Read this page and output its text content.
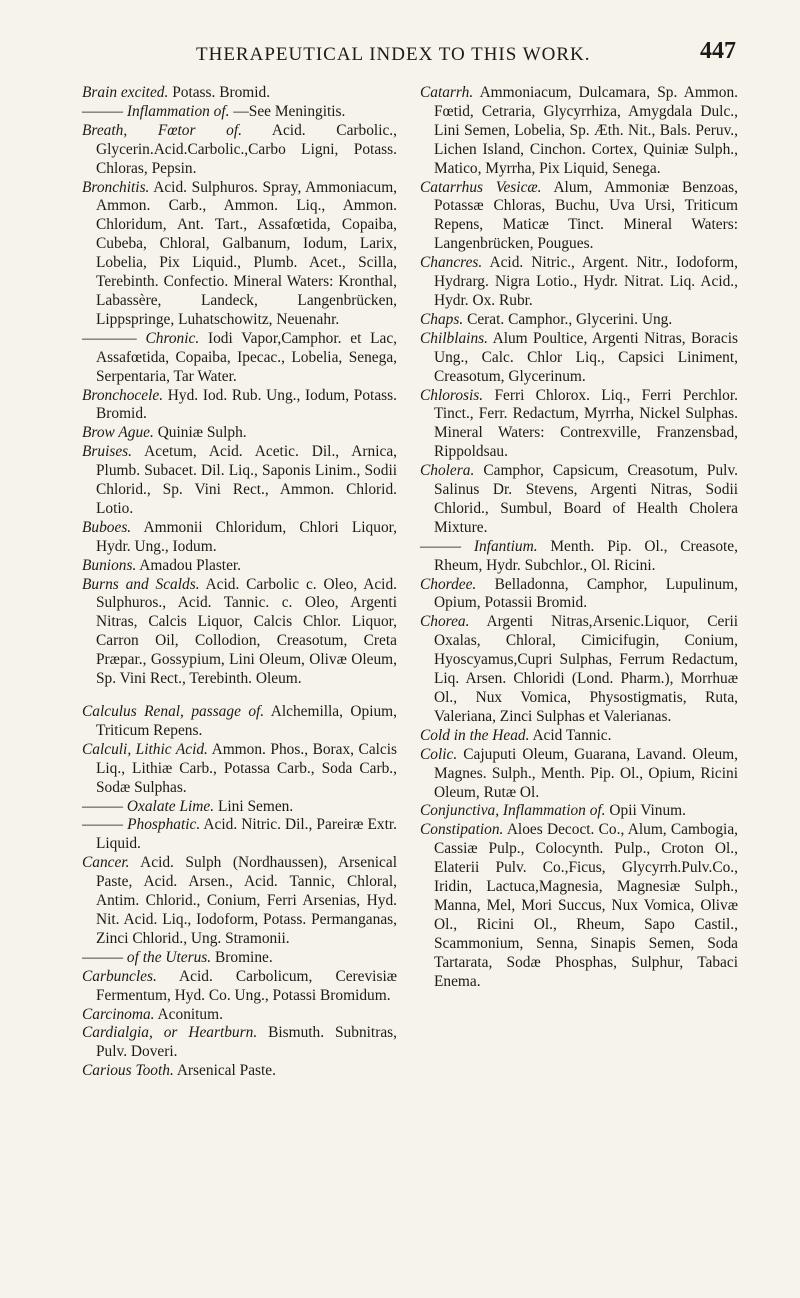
THERAPEUTICAL INDEX TO THIS WORK.	447

Brain excited. Potass. Bromid.

——— Inflammation of. —See Meningitis.

Breath, Fœtor of. Acid. Carbolic., Glycerin.Acid.Carbolic.,Carbo Ligni, Potass. Chloras, Pepsin.

Bronchitis. Acid. Sulphuros. Spray, Ammoniacum, Ammon. Carb., Ammon. Liq., Ammon. Chloridum, Ant. Tart., Assafœtida, Copaiba, Cubeba, Chloral, Galbanum, Iodum, Larix, Lobelia, Pix Liquid., Plumb. Acet., Scilla, Terebinth. Confectio. Mineral Waters: Kronthal, Labassère, Landeck, Langenbrücken, Lippspringe, Luhatschowitz, Neuenahr.

———— Chronic. Iodi Vapor,Camphor. et Lac, Assafœtida, Copaiba, Ipecac., Lobelia, Senega, Serpentaria, Tar Water.

Bronchocele. Hyd. Iod. Rub. Ung., Iodum, Potass. Bromid.

Brow Ague. Quiniæ Sulph.

Bruises. Acetum, Acid. Acetic. Dil., Arnica, Plumb. Subacet. Dil. Liq., Saponis Linim., Sodii Chlorid., Sp. Vini Rect., Ammon. Chlorid. Lotio.

Buboes. Ammonii Chloridum, Chlori Liquor, Hydr. Ung., Iodum.

Bunions. Amadou Plaster.

Burns and Scalds. Acid. Carbolic c. Oleo, Acid. Sulphuros., Acid. Tannic. c. Oleo, Argenti Nitras, Calcis Liquor, Calcis Chlor. Liquor, Carron Oil, Collodion, Creasotum, Creta Præpar., Gossypium, Lini Oleum, Olivæ Oleum, Sp. Vini Rect., Terebinth. Oleum.

Calculus Renal, passage of. Alchemilla, Opium, Triticum Repens.

Calculi, Lithic Acid. Ammon. Phos., Borax, Calcis Liq., Lithiæ Carb., Potassa Carb., Soda Carb., Sodæ Sulphas.

——— Oxalate Lime. Lini Semen.

——— Phosphatic. Acid. Nitric. Dil., Pareiræ Extr. Liquid.

Cancer. Acid. Sulph (Nordhaussen), Arsenical Paste, Acid. Arsen., Acid. Tannic, Chloral, Antim. Chlorid., Conium, Ferri Arsenias, Hyd. Nit. Acid. Liq., Iodoform, Potass. Permanganas, Zinci Chlorid., Ung. Stramonii.

——— of the Uterus. Bromine.

Carbuncles. Acid. Carbolicum, Cerevisiæ Fermentum, Hyd. Co. Ung., Potassi Bromidum.

Carcinoma. Aconitum.

Cardialgia, or Heartburn. Bismuth. Subnitras, Pulv. Doveri.

Carious Tooth. Arsenical Paste.

Catarrh. Ammoniacum, Dulcamara, Sp. Ammon. Fœtid, Cetraria, Glycyrrhiza, Amygdala Dulc., Lini Semen, Lobelia, Sp. Æth. Nit., Bals. Peruv., Lichen Island, Cinchon. Cortex, Quiniæ Sulph., Matico, Myrrha, Pix Liquid, Senega.

Catarrhus Vesicæ. Alum, Ammoniæ Benzoas, Potassæ Chloras, Buchu, Uva Ursi, Triticum Repens, Maticæ Tinct. Mineral Waters: Langenbrücken, Pougues.

Chancres. Acid. Nitric., Argent. Nitr., Iodoform, Hydrarg. Nigra Lotio., Hydr. Nitrat. Liq. Acid., Hydr. Ox. Rubr.

Chaps. Cerat. Camphor., Glycerini. Ung.

Chilblains. Alum Poultice, Argenti Nitras, Boracis Ung., Calc. Chlor Liq., Capsici Liniment, Creasotum, Glycerinum.

Chlorosis. Ferri Chlorox. Liq., Ferri Perchlor. Tinct., Ferr. Redactum, Myrrha, Nickel Sulphas. Mineral Waters: Contrexville, Franzensbad, Rippoldsau.

Cholera. Camphor, Capsicum, Creasotum, Pulv. Salinus Dr. Stevens, Argenti Nitras, Sodii Chlorid., Sumbul, Board of Health Cholera Mixture.

——— Infantium. Menth. Pip. Ol., Creasote, Rheum, Hydr. Subchlor., Ol. Ricini.

Chordee. Belladonna, Camphor, Lupulinum, Opium, Potassii Bromid.

Chorea. Argenti Nitras,Arsenic.Liquor, Cerii Oxalas, Chloral, Cimicifugin, Conium, Hyoscyamus,Cupri Sulphas, Ferrum Redactum, Liq. Arsen. Chloridi (Lond. Pharm.), Morrhuæ Ol., Nux Vomica, Physostigmatis, Ruta, Valeriana, Zinci Sulphas et Valerianas.

Cold in the Head. Acid Tannic.

Colic. Cajuputi Oleum, Guarana, Lavand. Oleum, Magnes. Sulph., Menth. Pip. Ol., Opium, Ricini Oleum, Rutæ Ol.

Conjunctiva, Inflammation of. Opii Vinum.

Constipation. Aloes Decoct. Co., Alum, Cambogia, Cassiæ Pulp., Colocynth. Pulp., Croton Ol., Elaterii Pulv. Co.,Ficus, Glycyrrh.Pulv.Co., Iridin, Lactuca,Magnesia, Magnesiæ Sulph., Manna, Mel, Mori Succus, Nux Vomica, Olivæ Ol., Ricini Ol., Rheum, Sapo Castil., Scammonium, Senna, Sinapis Semen, Soda Tartarata, Sodæ Phosphas, Sulphur, Tabaci Enema.
